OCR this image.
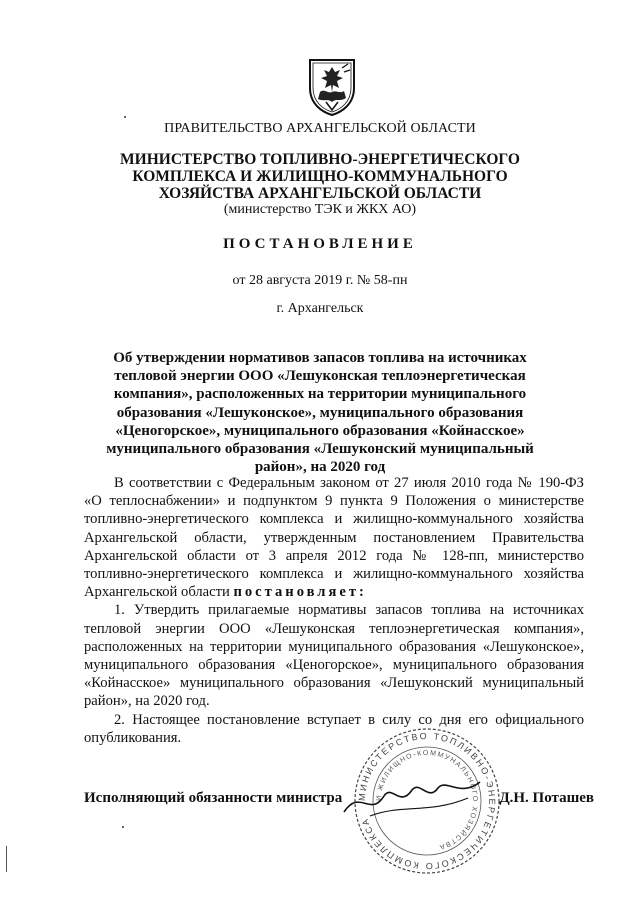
ПРАВИТЕЛЬСТВО АРХАНГЕЛЬСКОЙ ОБЛАСТИ
МИНИСТЕРСТВО ТОПЛИВНО-ЭНЕРГЕТИЧЕСКОГО
КОМПЛЕКСА И ЖИЛИЩНО-КОММУНАЛЬНОГО
ХОЗЯЙСТВА АРХАНГЕЛЬСКОЙ ОБЛАСТИ
(министерство ТЭК и ЖКХ АО)
ПОСТАНОВЛЕНИЕ
от 28 августа 2019 г. № 58-пн
г. Архангельск
Об утверждении нормативов запасов топлива на источниках тепловой энергии ООО «Лешуконская теплоэнергетическая компания», расположенных на территории муниципального образования «Лешуконское», муниципального образования «Ценогорское», муниципального образования «Койнасское» муниципального образования «Лешуконский муниципальный район», на 2020 год

В соответствии с Федеральным законом от 27 июля 2010 года № 190-ФЗ «О теплоснабжении» и подпунктом 9 пункта 9 Положения о министерстве топливно-энергетического комплекса и жилищно-коммунального хозяйства Архангельской области, утвержденным постановлением Правительства Архангельской области от 3 апреля 2012 года № 128-пп, министерство топливно-энергетического комплекса и жилищно-коммунального хозяйства Архангельской области постановляет:

1. Утвердить прилагаемые нормативы запасов топлива на источниках тепловой энергии ООО «Лешуконская теплоэнергетическая компания», расположенных на территории муниципального образования «Лешуконское», муниципального образования «Ценогорское», муниципального образования «Койнасское» муниципального образования «Лешуконский муниципальный район», на 2020 год.

2. Настоящее постановление вступает в силу со дня его официального опубликования.

МИНИСТЕРСТВО ТОПЛИВНО-ЭНЕРГЕТИЧЕСКОГО КОМПЛЕКСА
И ЖИЛИЩНО-КОММУНАЛЬНОГО ХОЗЯЙСТВА
Исполняющий обязанности министра	Д.Н. Поташев
